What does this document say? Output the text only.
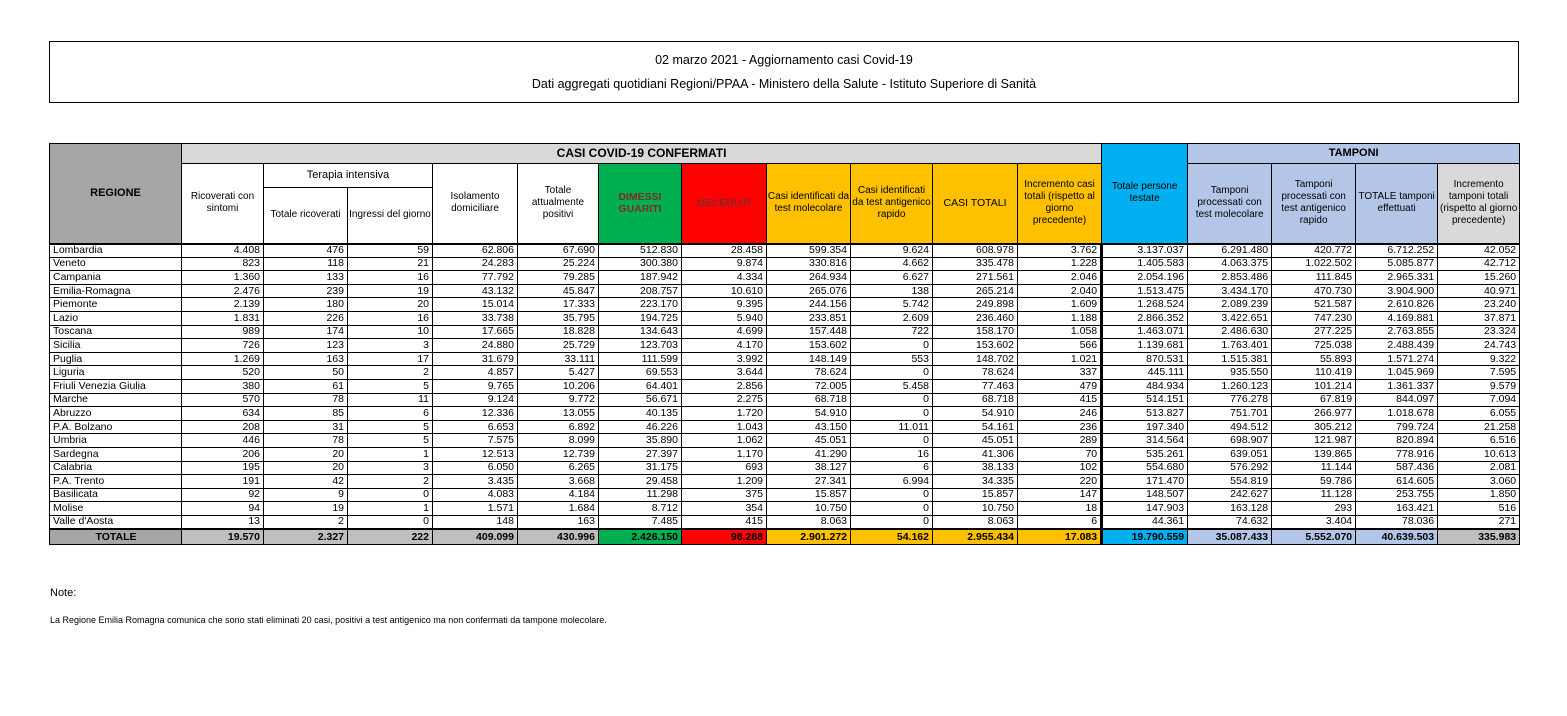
02 marzo 2021 - Aggiornamento casi Covid-19
Dati aggregati quotidiani Regioni/PPAA - Ministero della Salute - Istituto Superiore di Sanità
REGIONE	CASI COVID-19 CONFERMATI											Totale persone testate	TAMPONI			
	Ricoverati con sintomi	Terapia intensiva		Isolamento domiciliare	Totale attualmente positivi	DIMESSI GUARITI	DECEDUTI	Casi identificati da test molecolare	Casi identificati da test antigenico rapido	CASI TOTALI	Incremento casi totali (rispetto al giorno precedente)		Tamponi processati con test molecolare	Tamponi processati con test antigenico rapido	TOTALE tamponi effettuati	Incremento tamponi totali (rispetto al giorno precedente)
		Totale ricoverati	Ingressi del giorno													
Lombardia	4.408	476	59	62.806	67.690	512.830	28.458	599.354	9.624	608.978	3.762	3.137.037	6.291.480	420.772	6.712.252	42.052
Veneto	823	118	21	24.283	25.224	300.380	9.874	330.816	4.662	335.478	1.228	1.405.583	4.063.375	1.022.502	5.085.877	42.712
Campania	1.360	133	16	77.792	79.285	187.942	4.334	264.934	6.627	271.561	2.046	2.054.196	2.853.486	111.845	2.965.331	15.260
Emilia-Romagna	2.476	239	19	43.132	45.847	208.757	10.610	265.076	138	265.214	2.040	1.513.475	3.434.170	470.730	3.904.900	40.971
Piemonte	2.139	180	20	15.014	17.333	223.170	9.395	244.156	5.742	249.898	1.609	1.268.524	2.089.239	521.587	2.610.826	23.240
Lazio	1.831	226	16	33.738	35.795	194.725	5.940	233.851	2.609	236.460	1.188	2.866.352	3.422.651	747.230	4.169.881	37.871
Toscana	989	174	10	17.665	18.828	134.643	4.699	157.448	722	158.170	1.058	1.463.071	2.486.630	277.225	2.763.855	23.324
Sicilia	726	123	3	24.880	25.729	123.703	4.170	153.602	0	153.602	566	1.139.681	1.763.401	725.038	2.488.439	24.743
Puglia	1.269	163	17	31.679	33.111	111.599	3.992	148.149	553	148.702	1.021	870.531	1.515.381	55.893	1.571.274	9.322
Liguria	520	50	2	4.857	5.427	69.553	3.644	78.624	0	78.624	337	445.111	935.550	110.419	1.045.969	7.595
Friuli Venezia Giulia	380	61	5	9.765	10.206	64.401	2.856	72.005	5.458	77.463	479	484.934	1.260.123	101.214	1.361.337	9.579
Marche	570	78	11	9.124	9.772	56.671	2.275	68.718	0	68.718	415	514.151	776.278	67.819	844.097	7.094
Abruzzo	634	85	6	12.336	13.055	40.135	1.720	54.910	0	54.910	246	513.827	751.701	266.977	1.018.678	6.055
P.A. Bolzano	208	31	5	6.653	6.892	46.226	1.043	43.150	11.011	54.161	236	197.340	494.512	305.212	799.724	21.258
Umbria	446	78	5	7.575	8.099	35.890	1.062	45.051	0	45.051	289	314.564	698.907	121.987	820.894	6.516
Sardegna	206	20	1	12.513	12.739	27.397	1.170	41.290	16	41.306	70	535.261	639.051	139.865	778.916	10.613
Calabria	195	20	3	6.050	6.265	31.175	693	38.127	6	38.133	102	554.680	576.292	11.144	587.436	2.081
P.A. Trento	191	42	2	3.435	3.668	29.458	1.209	27.341	6.994	34.335	220	171.470	554.819	59.786	614.605	3.060
Basilicata	92	9	0	4.083	4.184	11.298	375	15.857	0	15.857	147	148.507	242.627	11.128	253.755	1.850
Molise	94	19	1	1.571	1.684	8.712	354	10.750	0	10.750	18	147.903	163.128	293	163.421	516
Valle d'Aosta	13	2	0	148	163	7.485	415	8.063	0	8.063	6	44.361	74.632	3.404	78.036	271
TOTALE	19.570	2.327	222	409.099	430.996	2.426.150	98.288	2.901.272	54.162	2.955.434	17.083	19.790.559	35.087.433	5.552.070	40.639.503	335.983
Note:
La Regione Emilia Romagna comunica che sono stati eliminati 20 casi, positivi a test antigenico ma non confermati da tampone molecolare.
